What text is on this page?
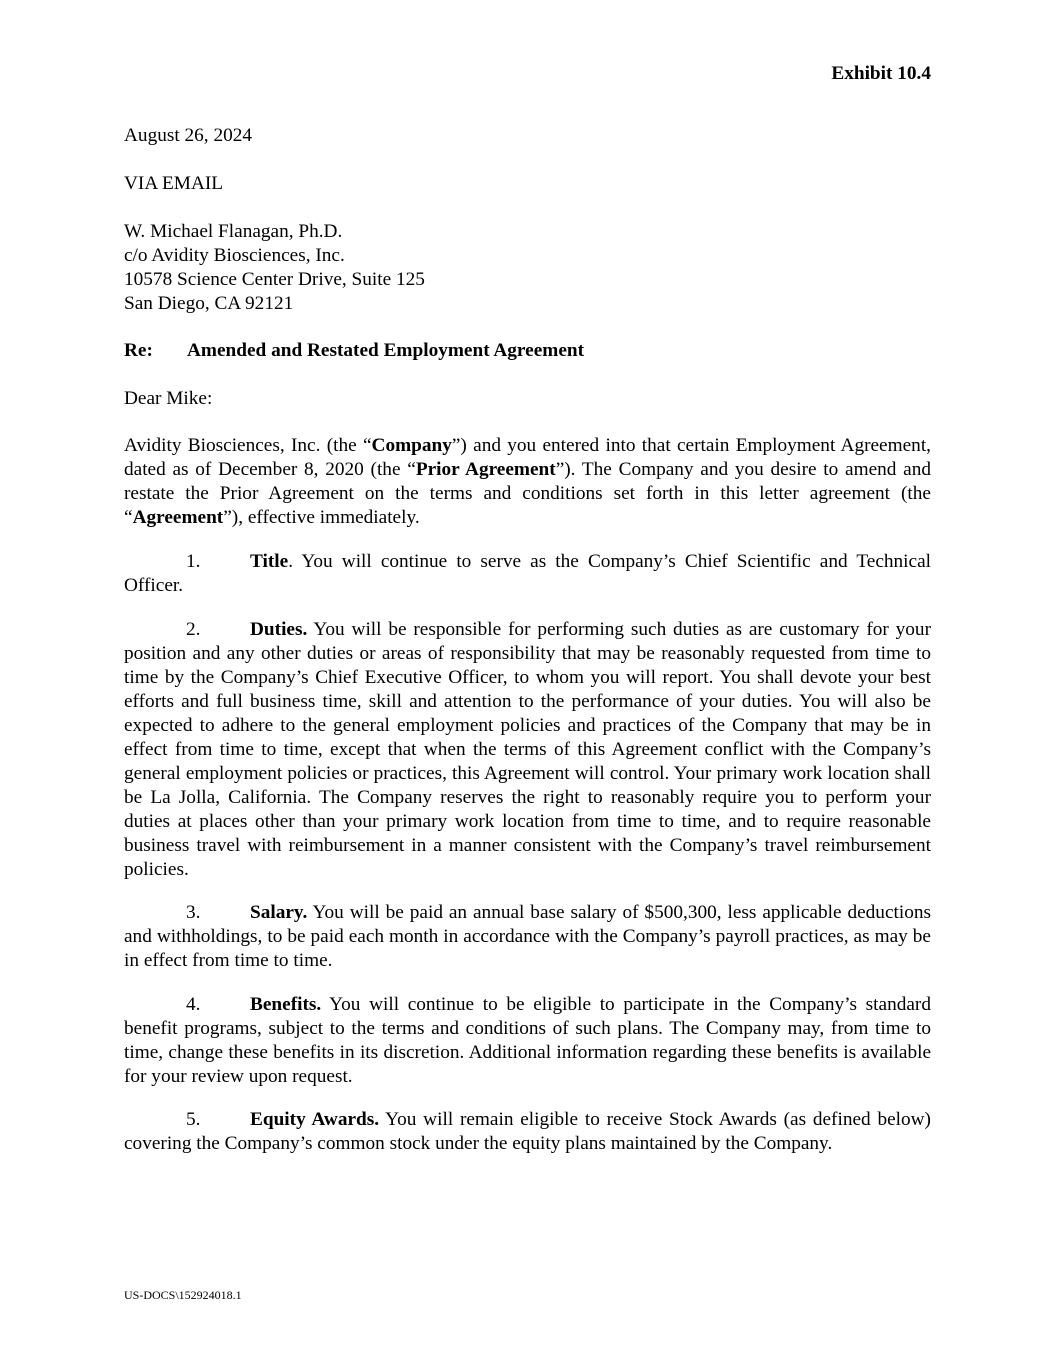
Exhibit 10.4
August 26, 2024
VIA EMAIL
W. Michael Flanagan, Ph.D.
c/o Avidity Biosciences, Inc.
10578 Science Center Drive, Suite 125
San Diego, CA 92121
Re: Amended and Restated Employment Agreement
Dear Mike:
Avidity Biosciences, Inc. (the “Company”) and you entered into that certain Employment Agreement, dated as of December 8, 2020 (the “Prior Agreement”). The Company and you desire to amend and restate the Prior Agreement on the terms and conditions set forth in this letter agreement (the “Agreement”), effective immediately.
1.	Title. You will continue to serve as the Company’s Chief Scientific and Technical Officer.
2.	Duties. You will be responsible for performing such duties as are customary for your position and any other duties or areas of responsibility that may be reasonably requested from time to time by the Company’s Chief Executive Officer, to whom you will report. You shall devote your best efforts and full business time, skill and attention to the performance of your duties. You will also be expected to adhere to the general employment policies and practices of the Company that may be in effect from time to time, except that when the terms of this Agreement conflict with the Company’s general employment policies or practices, this Agreement will control. Your primary work location shall be La Jolla, California. The Company reserves the right to reasonably require you to perform your duties at places other than your primary work location from time to time, and to require reasonable business travel with reimbursement in a manner consistent with the Company’s travel reimbursement policies.
3.	Salary. You will be paid an annual base salary of $500,300, less applicable deductions and withholdings, to be paid each month in accordance with the Company’s payroll practices, as may be in effect from time to time.
4.	Benefits. You will continue to be eligible to participate in the Company’s standard benefit programs, subject to the terms and conditions of such plans. The Company may, from time to time, change these benefits in its discretion. Additional information regarding these benefits is available for your review upon request.
5.	Equity Awards. You will remain eligible to receive Stock Awards (as defined below) covering the Company’s common stock under the equity plans maintained by the Company.
US-DOCS\152924018.1
